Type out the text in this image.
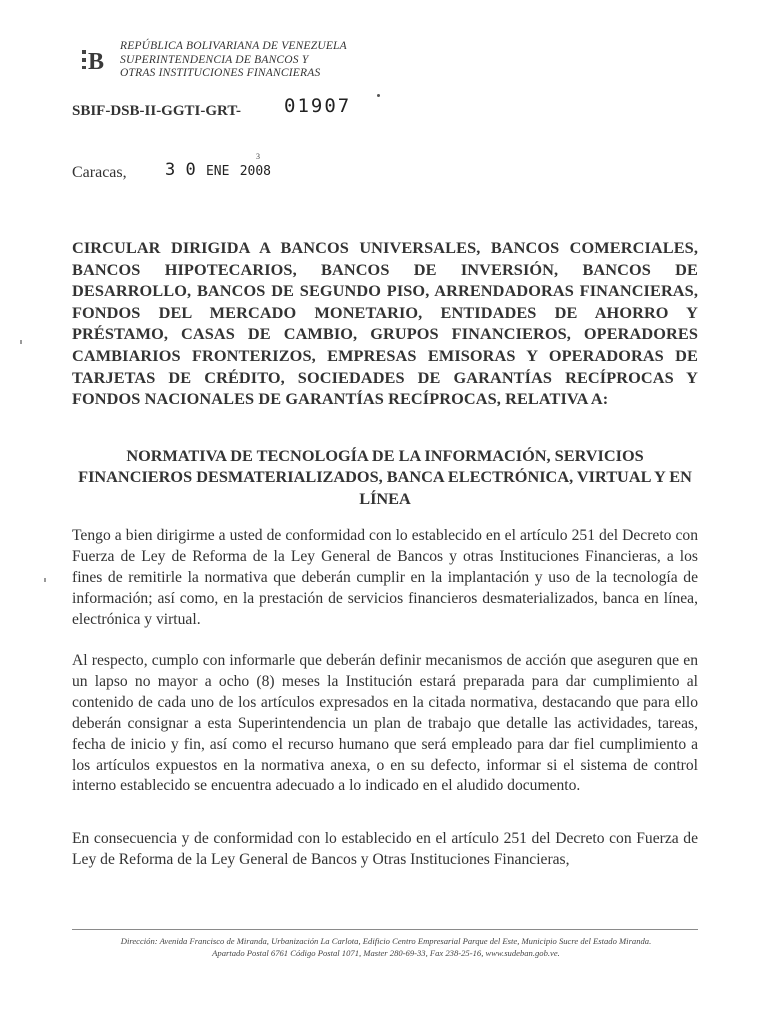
B
REPÚBLICA BOLIVARIANA DE VENEZUELA
SUPERINTENDENCIA DE BANCOS Y
OTRAS INSTITUCIONES FINANCIERAS
SBIF-DSB-II-GGTI-GRT- 01907
Caracas, 3 0 ENE 2008
3
CIRCULAR DIRIGIDA A BANCOS UNIVERSALES, BANCOS COMERCIALES, BANCOS HIPOTECARIOS, BANCOS DE INVERSIÓN, BANCOS DE DESARROLLO, BANCOS DE SEGUNDO PISO, ARRENDADORAS FINANCIERAS, FONDOS DEL MERCADO MONETARIO, ENTIDADES DE AHORRO Y PRÉSTAMO, CASAS DE CAMBIO, GRUPOS FINANCIEROS, OPERADORES CAMBIARIOS FRONTERIZOS, EMPRESAS EMISORAS Y OPERADORAS DE TARJETAS DE CRÉDITO, SOCIEDADES DE GARANTÍAS RECÍPROCAS Y FONDOS NACIONALES DE GARANTÍAS RECÍPROCAS, RELATIVA A:
NORMATIVA DE TECNOLOGÍA DE LA INFORMACIÓN, SERVICIOS FINANCIEROS DESMATERIALIZADOS, BANCA ELECTRÓNICA, VIRTUAL Y EN LÍNEA
Tengo a bien dirigirme a usted de conformidad con lo establecido en el artículo 251 del Decreto con Fuerza de Ley de Reforma de la Ley General de Bancos y otras Instituciones Financieras, a los fines de remitirle la normativa que deberán cumplir en la implantación y uso de la tecnología de información; así como, en la prestación de servicios financieros desmaterializados, banca en línea, electrónica y virtual.
Al respecto, cumplo con informarle que deberán definir mecanismos de acción que aseguren que en un lapso no mayor a ocho (8) meses la Institución estará preparada para dar cumplimiento al contenido de cada uno de los artículos expresados en la citada normativa, destacando que para ello deberán consignar a esta Superintendencia un plan de trabajo que detalle las actividades, tareas, fecha de inicio y fin, así como el recurso humano que será empleado para dar fiel cumplimiento a los artículos expuestos en la normativa anexa, o en su defecto, informar si el sistema de control interno establecido se encuentra adecuado a lo indicado en el aludido documento.
En consecuencia y de conformidad con lo establecido en el artículo 251 del Decreto con Fuerza de Ley de Reforma de la Ley General de Bancos y Otras Instituciones Financieras,
Dirección: Avenida Francisco de Miranda, Urbanización La Carlota, Edificio Centro Empresarial Parque del Este, Municipio Sucre del Estado Miranda.
Apartado Postal 6761 Código Postal 1071, Master 280-69-33, Fax 238-25-16, www.sudeban.gob.ve.
